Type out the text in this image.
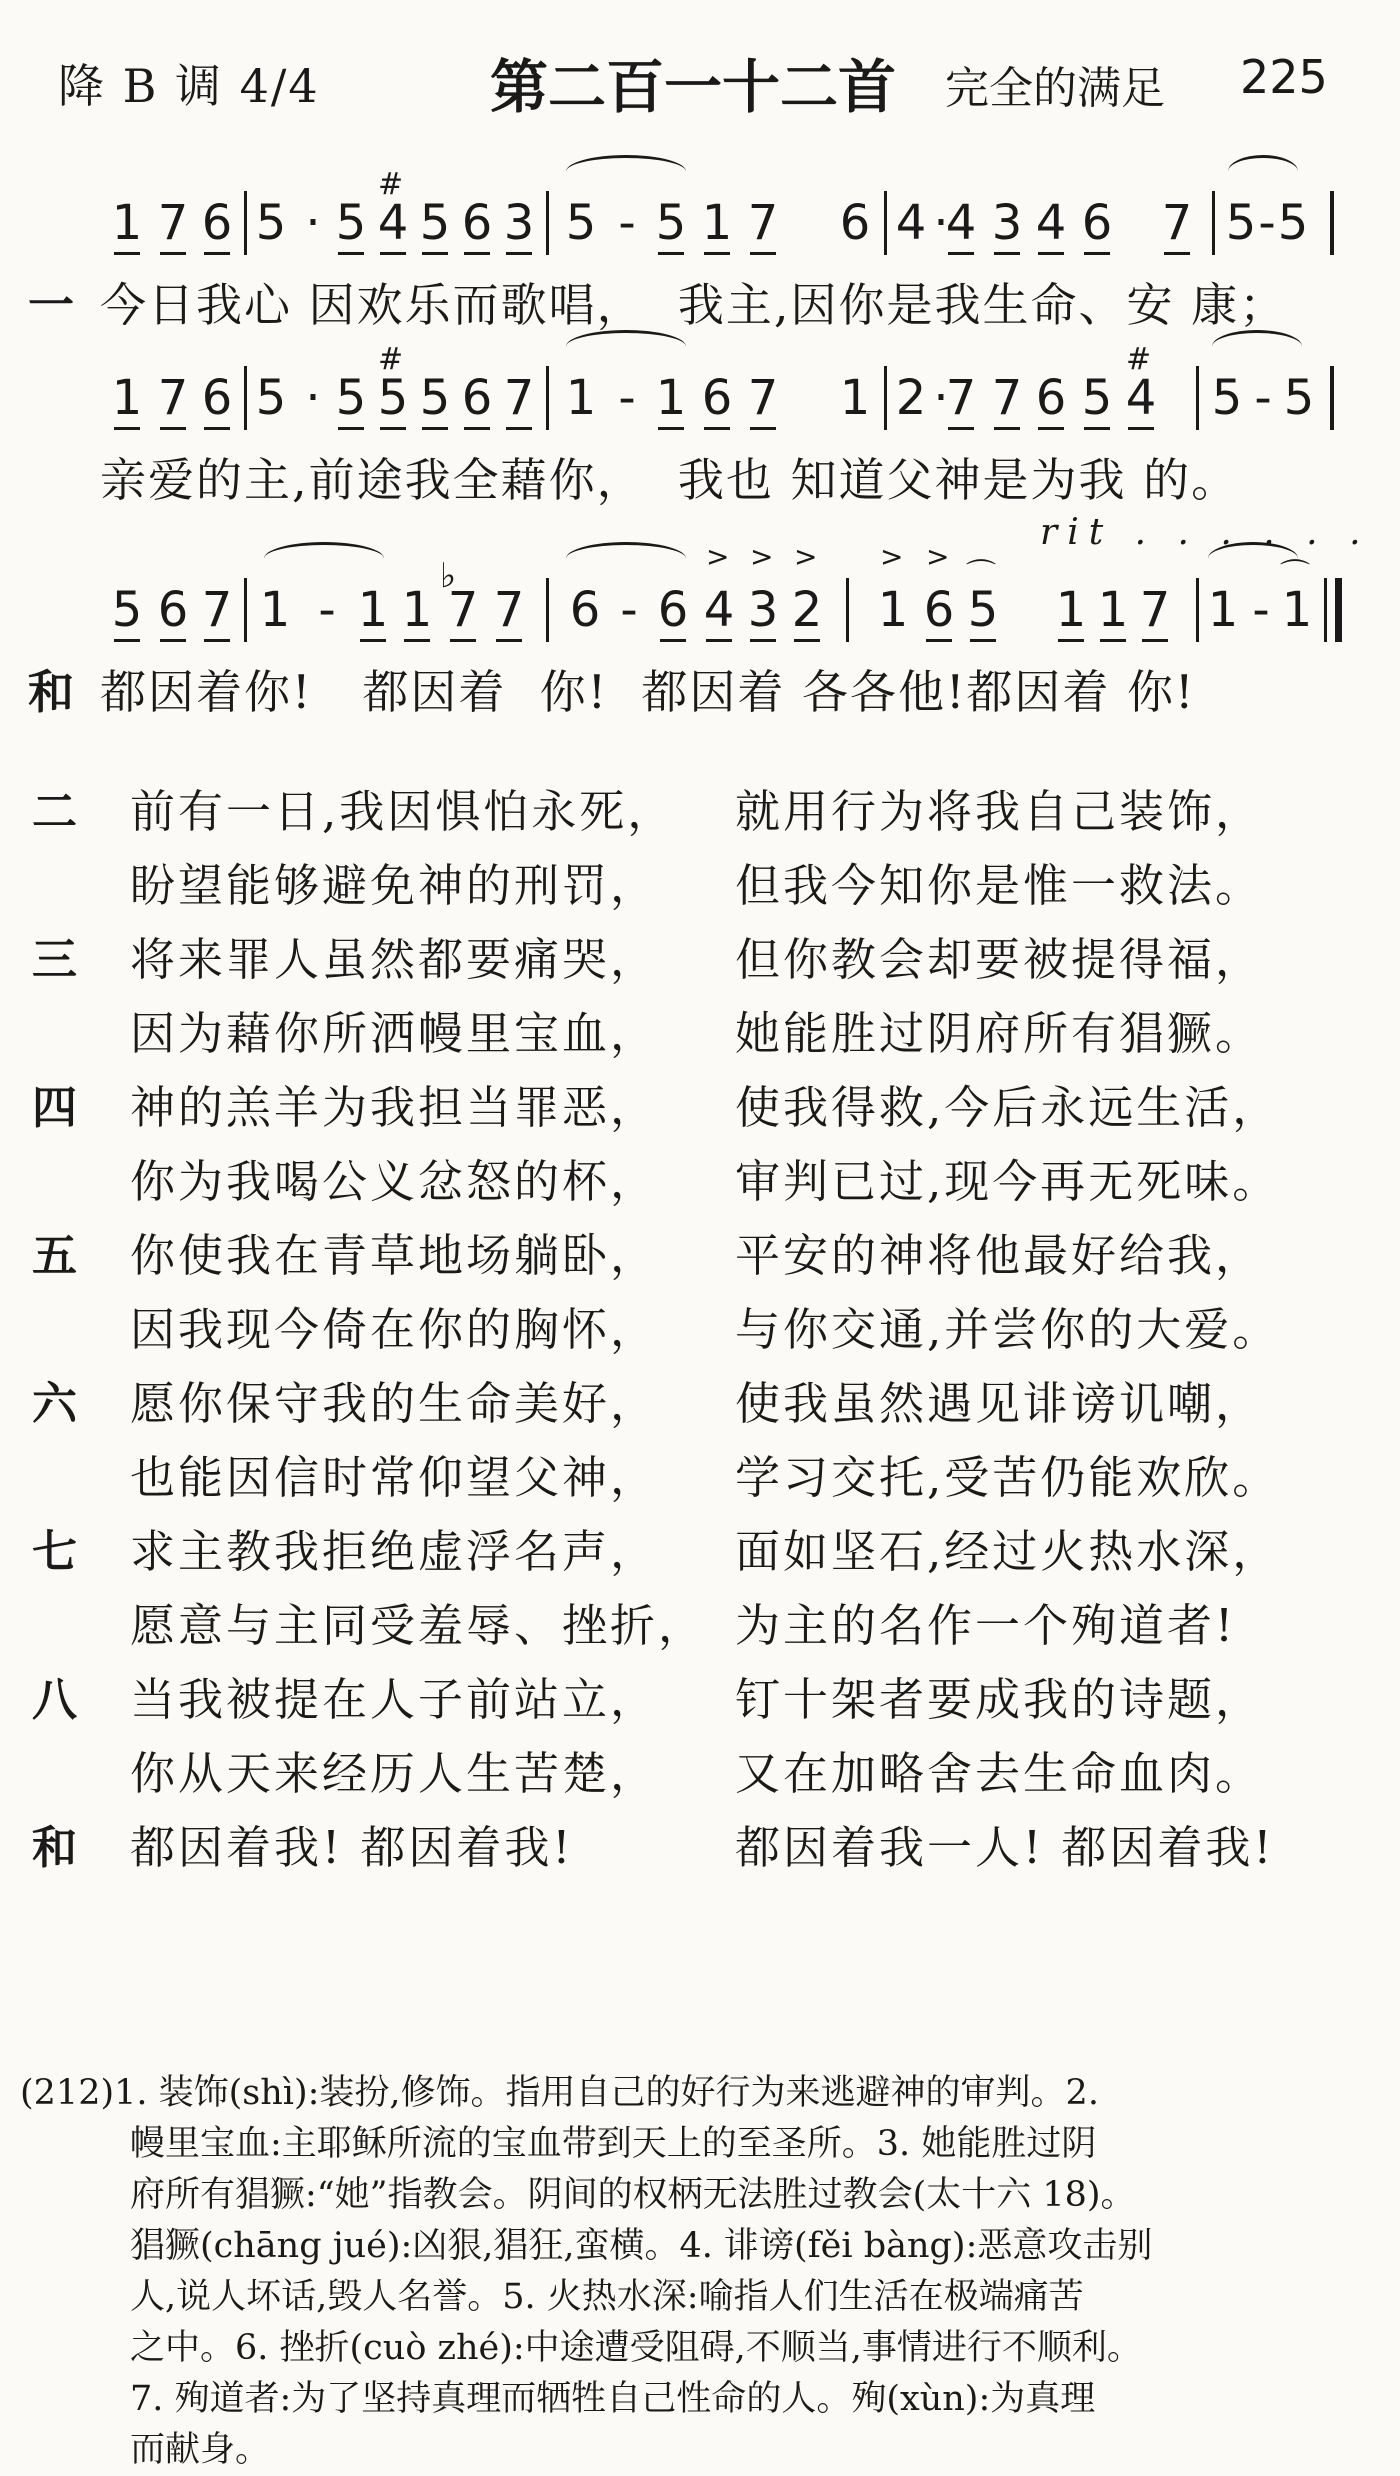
降 B 调 4/4	第二百一十二首 完全的满足 225
1 7 6 5 · 5
#
4 5 6 3 5 - 5 1 7 6 4 ·
4 3 4 6 7 5 - 5
一 今日我心 因欢乐而歌唱，  我主,因你是我生命、安 康；
1 7 6 5 · 5
#
5 5 6 7 1 - 1 6 7 1 2 ·
7 7 6 5
#
4 5 - 5
亲爱的主,前途我全藉你，  我也 知道父神是为我 的。
rit . . . . . .
5 6 7 1 - 1 1
♭
7 7 6 - 6
>
4
>
3
>
2
>
1
>
6
⌒
5 1 1 7 1 -
⌒
1
和 都因着你!   都因着  你!  都因着 各各他!都因着 你!
二 前有一日,我因惧怕永死， 就用行为将我自己装饰，
盼望能够避免神的刑罚， 但我今知你是惟一救法。
三 将来罪人虽然都要痛哭， 但你教会却要被提得福，
因为藉你所洒幔里宝血， 她能胜过阴府所有猖獗。
四 神的羔羊为我担当罪恶， 使我得救,今后永远生活，
你为我喝公义忿怒的杯， 审判已过,现今再无死味。
五 你使我在青草地场躺卧， 平安的神将他最好给我，
因我现今倚在你的胸怀， 与你交通,并尝你的大爱。
六 愿你保守我的生命美好， 使我虽然遇见诽谤讥嘲，
也能因信时常仰望父神， 学习交托,受苦仍能欢欣。
七 求主教我拒绝虚浮名声， 面如坚石,经过火热水深，
愿意与主同受羞辱、挫折， 为主的名作一个殉道者!
八 当我被提在人子前站立， 钉十架者要成我的诗题，
你从天来经历人生苦楚， 又在加略舍去生命血肉。
和 都因着我! 都因着我!	都因着我一人! 都因着我!
(212)1. 装饰(shì):装扮,修饰。指用自己的好行为来逃避神的审判。2.
幔里宝血:主耶稣所流的宝血带到天上的至圣所。3. 她能胜过阴
府所有猖獗:“她”指教会。阴间的权柄无法胜过教会(太十六 18)。
猖獗(chāng jué):凶狠,猖狂,蛮横。4. 诽谤(fěi bàng):恶意攻击别
人,说人坏话,毁人名誉。5. 火热水深:喻指人们生活在极端痛苦
之中。6. 挫折(cuò zhé):中途遭受阻碍,不顺当,事情进行不顺利。
7. 殉道者:为了坚持真理而牺牲自己性命的人。殉(xùn):为真理
而献身。
